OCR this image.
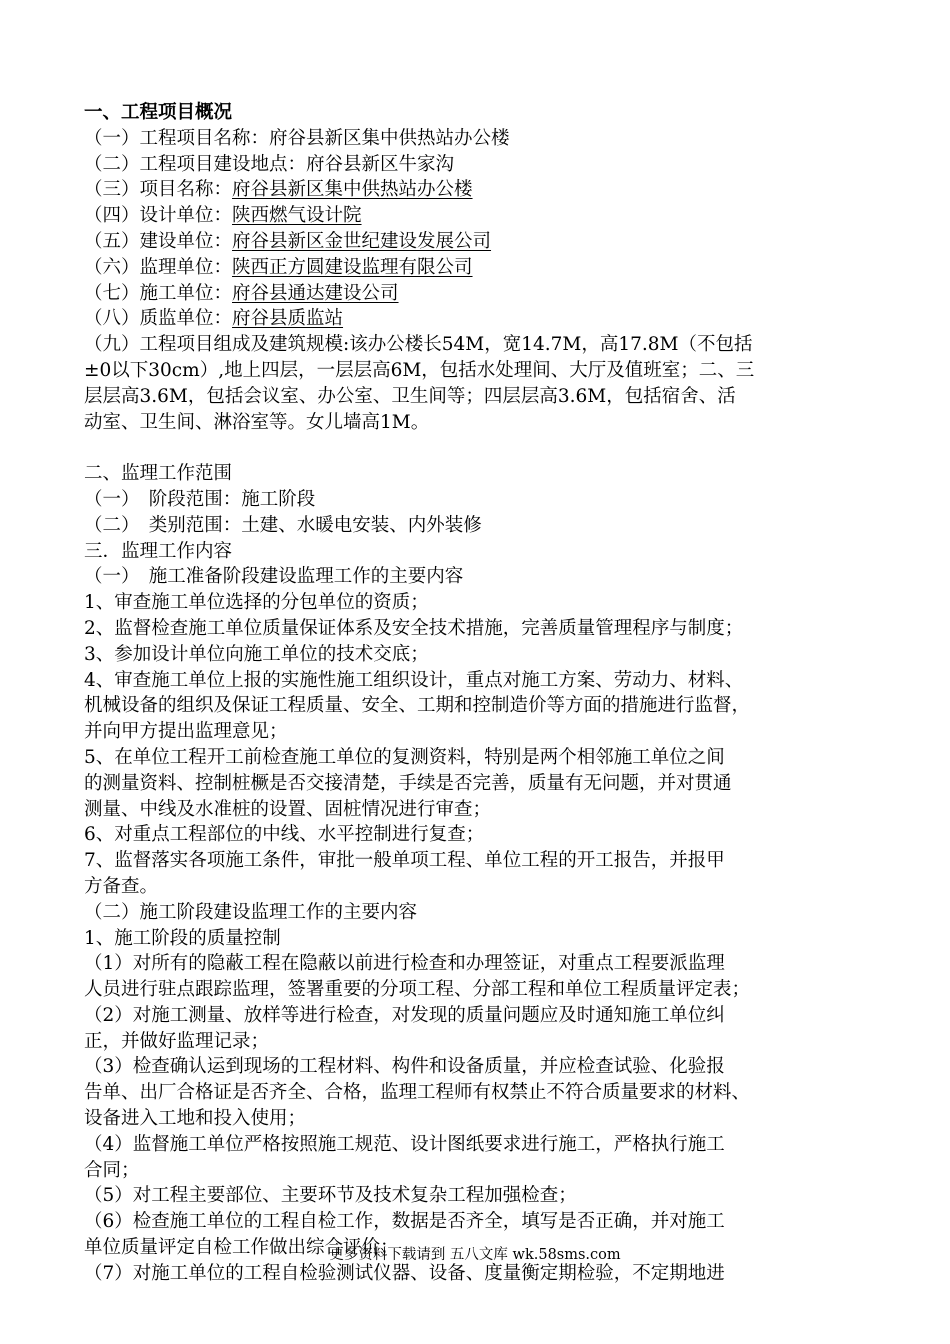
一、工程项目概况
（一）工程项目名称：府谷县新区集中供热站办公楼
（二）工程项目建设地点：府谷县新区牛家沟
（三）项目名称：府谷县新区集中供热站办公楼
（四）设计单位：陕西燃气设计院
（五）建设单位：府谷县新区金世纪建设发展公司
（六）监理单位：陕西正方圆建设监理有限公司
（七）施工单位：府谷县通达建设公司
（八）质监单位：府谷县质监站
（九）工程项目组成及建筑规模:该办公楼长54M，宽14.7M，高17.8M（不包括
±0以下30cm）,地上四层，一层层高6M，包括水处理间、大厅及值班室；二、三
层层高3.6M，包括会议室、办公室、卫生间等；四层层高3.6M，包括宿舍、活
动室、卫生间、淋浴室等。女儿墙高1M。
二、监理工作范围
（一）　阶段范围：施工阶段
（二）　类别范围：土建、水暖电安装、内外装修
三．监理工作内容
（一）　施工准备阶段建设监理工作的主要内容
1、审查施工单位选择的分包单位的资质；
2、监督检查施工单位质量保证体系及安全技术措施，完善质量管理程序与制度；
3、参加设计单位向施工单位的技术交底；
4、审查施工单位上报的实施性施工组织设计，重点对施工方案、劳动力、材料、
机械设备的组织及保证工程质量、安全、工期和控制造价等方面的措施进行监督，
并向甲方提出监理意见；
5、在单位工程开工前检查施工单位的复测资料，特别是两个相邻施工单位之间
的测量资料、控制桩橛是否交接清楚，手续是否完善，质量有无问题，并对贯通
测量、中线及水准桩的设置、固桩情况进行审查；
6、对重点工程部位的中线、水平控制进行复查；
7、监督落实各项施工条件，审批一般单项工程、单位工程的开工报告，并报甲
方备查。
（二）施工阶段建设监理工作的主要内容
1、施工阶段的质量控制
（1）对所有的隐蔽工程在隐蔽以前进行检查和办理签证，对重点工程要派监理
人员进行驻点跟踪监理，签署重要的分项工程、分部工程和单位工程质量评定表；
（2）对施工测量、放样等进行检查，对发现的质量问题应及时通知施工单位纠
正，并做好监理记录；
（3）检查确认运到现场的工程材料、构件和设备质量，并应检查试验、化验报
告单、出厂合格证是否齐全、合格，监理工程师有权禁止不符合质量要求的材料、
设备进入工地和投入使用；
（4）监督施工单位严格按照施工规范、设计图纸要求进行施工，严格执行施工
合同；
（5）对工程主要部位、主要环节及技术复杂工程加强检查；
（6）检查施工单位的工程自检工作，数据是否齐全，填写是否正确，并对施工
单位质量评定自检工作做出综合评价；
（7）对施工单位的工程自检验测试仪器、设备、度量衡定期检验，不定期地进
更多资料下载请到 五八文库 wk.58sms.com
